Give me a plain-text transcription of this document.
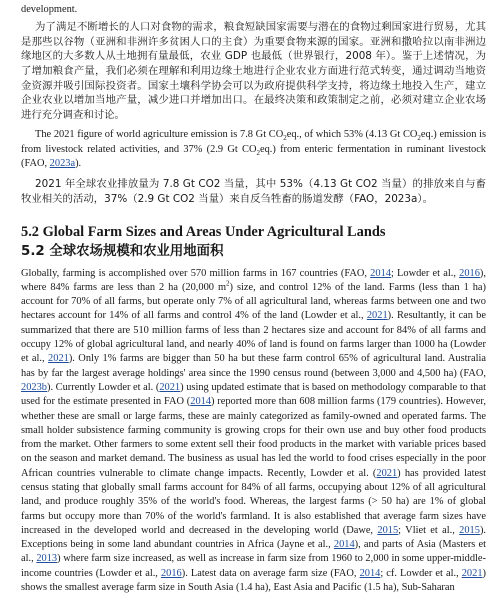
development.

为了满足不断增长的人口对食物的需求，粮食短缺国家需要与潜在的食物过剩国家进行贸易，尤其是那些以谷物（亚洲和非洲许多贫困人口的主食）为重要食物来源的国家。亚洲和撒哈拉以南非洲边缘地区的大多数人从土地拥有量最低，农业 GDP 也最低（世界银行，2008 年）。鉴于上述情况，为了增加粮食产量，我们必须在理解和利用边缘土地进行企业农业方面进行范式转变，通过调动当地资金资源并吸引国际投资者。国家土壤科学协会可以为政府提供科学支持，将边缘土地投入生产，建立企业农业以增加当地产量，减少进口并增加出口。在最终决策和政策制定之前，必须对建立企业农场进行充分调查和讨论。

The 2021 figure of world agriculture emission is 7.8 Gt $CO_2eq$., of which 53% (4.13 Gt $CO_2eq$.) emission is from livestock related activities, and 37% (2.9 Gt $CO_2eq$.) from enteric fermentation in ruminant livestock (FAO, 2023a).

2021 年全球农业排放量为 7.8 Gt CO2 当量，其中 53%（4.13 Gt CO2 当量）的排放来自与畜牧业相关的活动，37%（2.9 Gt CO2 当量）来自反刍牲畜的肠道发酵（FAO，2023a）。

5.2 Global Farm Sizes and Areas Under Agricultural Lands
5.2 全球农场规模和农业用地面积

Globally, farming is accomplished over 570 million farms in 167 countries (FAO, 2014; Lowder et al., 2016), where 84% farms are less than 2 ha (20,000 $m^2$) size, and control 12% of the land. Farms (less than 1 ha) account for 70% of all farms, but operate only 7% of all agricultural land, whereas farms between one and two hectares account for 14% of all farms and control 4% of the land (Lowder et al., 2021). Resultantly, it can be summarized that there are 510 million farms of less than 2 hectares size and account for 84% of all farms and occupy 12% of global agricultural land, and nearly 40% of land is found on farms larger than 1000 ha (Lowder et al., 2021). Only 1% farms are bigger than 50 ha but these farm control 65% of agricultural land. Australia has by far the largest average holdings' area since the 1990 census round (between 3,000 and 4,500 ha) (FAO, 2023b). Currently Lowder et al. (2021) using updated estimate that is based on methodology comparable to that used for the estimate presented in FAO (2014) reported more than 608 million farms (179 countries). However, whether these are small or large farms, these are mainly categorized as family-owned and operated farms. The small holder subsistence farming community is growing crops for their own use and buy other food products from the market. Other farmers to some extent sell their food products in the market with variable prices based on the season and market demand. The business as usual has led the world to food crises especially in the poor African countries vulnerable to climate change impacts. Recently, Lowder et al. (2021) has provided latest census stating that globally small farms account for 84% of all farms, occupying about 12% of all agricultural land, and produce roughly 35% of the world's food. Whereas, the largest farms (> 50 ha) are 1% of global farms but occupy more than 70% of the world's farmland. It is also established that average farm sizes have increased in the developed world and decreased in the developing world (Dawe, 2015; Vliet et al., 2015). Exceptions being in some land abundant countries in Africa (Jayne et al., 2014), and parts of Asia (Masters et al., 2013) where farm size increased, as well as increase in farm size from 1960 to 2,000 in some upper-middle-income countries (Lowder et al., 2016). Latest data on average farm size (FAO, 2014; cf. Lowder et al., 2021) shows the smallest average farm size in South Asia (1.4 ha), East Asia and Pacific (1.5 ha), Sub-Saharan
